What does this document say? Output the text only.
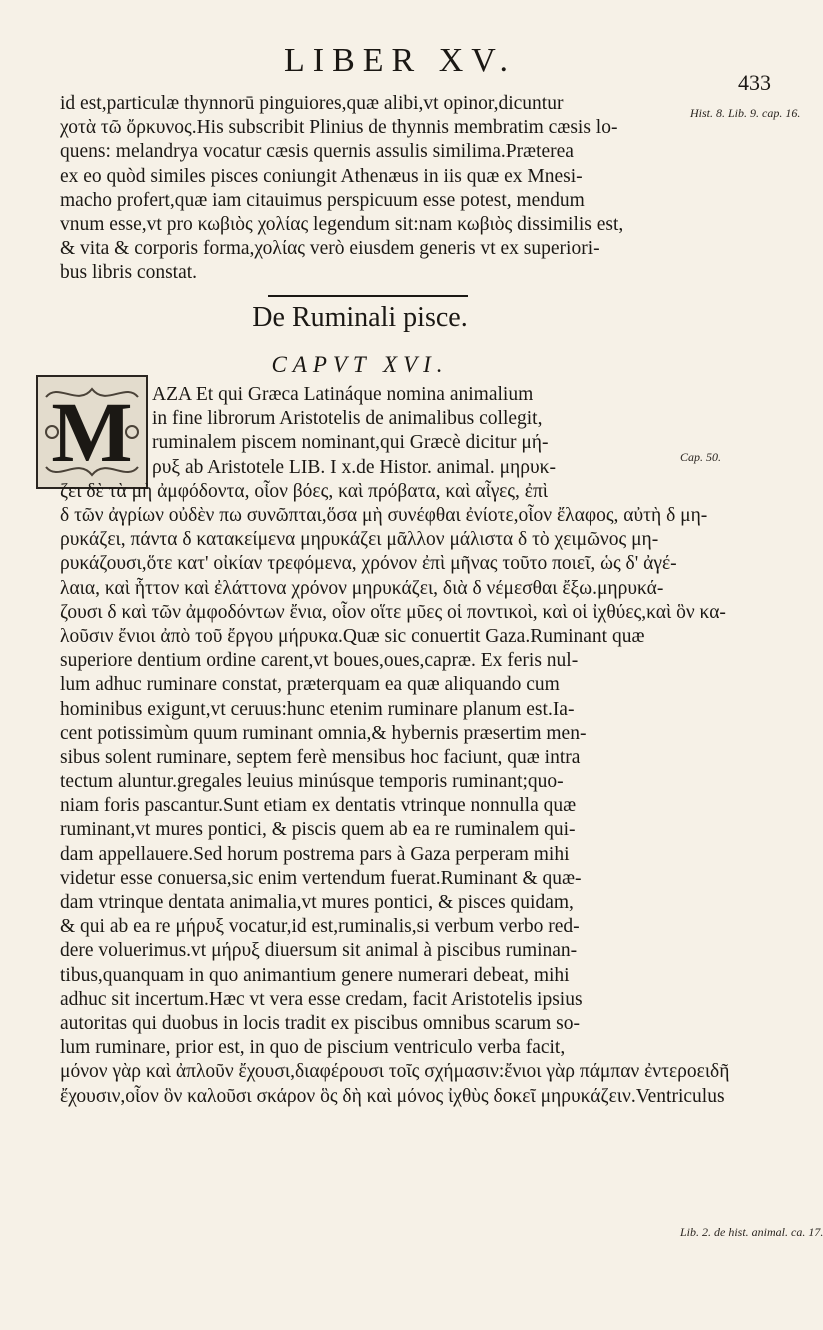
LIBER XV.
433
id est,particulæ thynnorū pinguiores,quæ alibi,vt opinor,dicuntur
χοτὰ τῶ ὄρκυνος.His subscribit Plinius de thynnis membratim cæsis lo-
quens: melandrya vocatur cæsis quernis assulis similima.Præterea
ex eo quòd similes pisces coniungit Athenæus in iis quæ ex Mnesi-
macho profert,quæ iam citauimus perspicuum esse potest, mendum
vnum esse,vt pro κωβιὸς χολίας legendum sit:nam κωβιὸς dissimilis est,
& vita & corporis forma,χολίας verò eiusdem generis vt ex superiori-
bus libris constat.
Hist. 8. Lib. 9. cap. 16.
De Ruminali pisce.
CAPVT XVI.
M AZA Et qui Græca Latináque nomina animalium
in fine librorum Aristotelis de animalibus collegit,
ruminalem piscem nominant,qui Græcè dicitur μή-
ρυξ ab Aristotele LIB. I x.de Histor. animal. μηρυκ-	Cap. 50.
ζει δὲ τὰ μὴ ἀμφόδοντα, οἷον βόες, καὶ πρόβατα, καὶ αἶγες, ἐπὶ
δ τῶν ἀγρίων οὐδὲν πω συνῶπται,ὅσα μὴ συνέφθαι ἐνίοτε,οἷον ἔλαφος, αὐτὴ δ μη-
ρυκάζει, πάντα δ κατακείμενα μηρυκάζει μᾶλλον μάλιστα δ τὸ χειμῶνος μη-
ρυκάζουσι,ὅτε κατ' οἰκίαν τρεφόμενα, χρόνον ἐπὶ μῆνας τοῦτο ποιεῖ, ὡς δ' ἀγέ-
λαια, καὶ ἧττον καὶ ἐλάττονα χρόνον μηρυκάζει, διὰ δ νέμεσθαι ἔξω.μηρυκά-
ζουσι δ καὶ τῶν ἀμφοδόντων ἔνια, οἷον οἵτε μῦες οἱ ποντικοὶ, καὶ οἱ ἰχθύες,καὶ ὃν κα-
λοῦσιν ἔνιοι ἀπὸ τοῦ ἔργου μήρυκα.Quæ sic conuertit Gaza.Ruminant quæ
superiore dentium ordine carent,vt boues,oues,capræ. Ex feris nul-
lum adhuc ruminare constat, præterquam ea quæ aliquando cum
hominibus exigunt,vt ceruus:hunc etenim ruminare planum est.Ia-
cent potissimùm quum ruminant omnia,& hybernis præsertim men-
sibus solent ruminare, septem ferè mensibus hoc faciunt, quæ intra
tectum aluntur.gregales leuius minúsque temporis ruminant;quo-
niam foris pascantur.Sunt etiam ex dentatis vtrinque nonnulla quæ
ruminant,vt mures pontici, & piscis quem ab ea re ruminalem qui-
dam appellauere.Sed horum postrema pars à Gaza perperam mihi
videtur esse conuersa,sic enim vertendum fuerat.Ruminant & quæ-
dam vtrinque dentata animalia,vt mures pontici, & pisces quidam,
& qui ab ea re μήρυξ vocatur,id est,ruminalis,si verbum verbo red-
dere voluerimus.vt μήρυξ diuersum sit animal à piscibus ruminan-
tibus,quanquam in quo animantium genere numerari debeat, mihi
adhuc sit incertum.Hæc vt vera esse credam, facit Aristotelis ipsius
autoritas qui duobus in locis tradit ex piscibus omnibus scarum so-
lum ruminare, prior est, in quo de piscium ventriculo verba facit,
μόνον γὰρ καὶ ἀπλοῦν ἔχουσι,διαφέρουσι τοῖς σχήμασιν:ἔνιοι γὰρ πάμπαν ἐντεροειδῆ
ἔχουσιν,οἷον ὃν καλοῦσι σκάρον ὃς δὴ καὶ μόνος ἰχθὺς δοκεῖ μηρυκάζειν.Ventriculus
Lib. 2. de hist. animal. ca. 17.
